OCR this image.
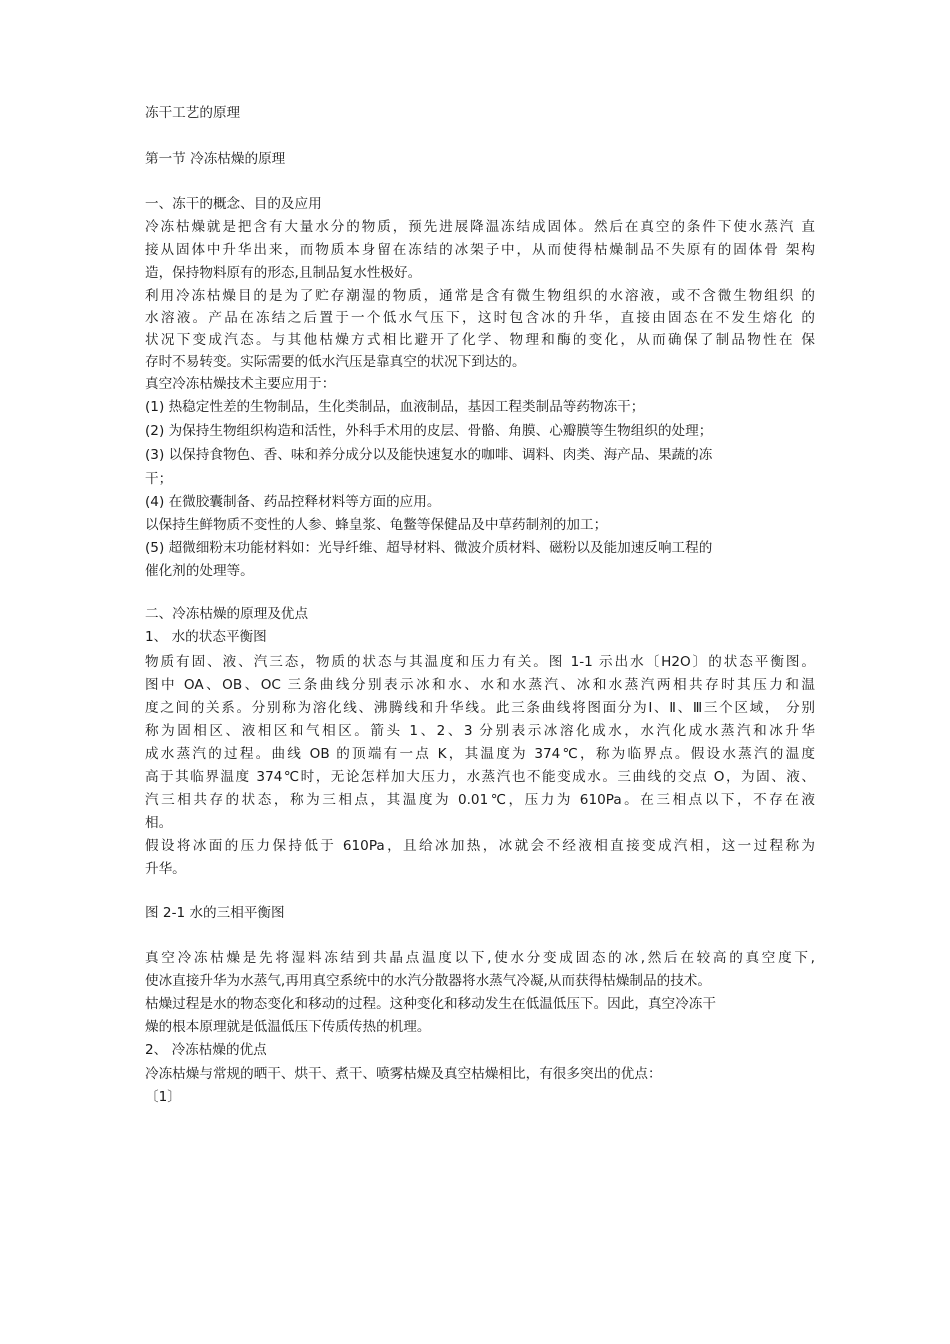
冻干工艺的原理

第一节 冷冻枯燥的原理

一、冻干的概念、目的及应用

冷冻枯燥就是把含有大量水分的物质，预先进展降温冻结成固体。然后在真空的条件下使水蒸汽 直

接从固体中升华出来，而物质本身留在冻结的冰架子中，从而使得枯燥制品不失原有的固体骨 架构

造，保持物料原有的形态,且制品复水性极好。

利用冷冻枯燥目的是为了贮存潮湿的物质，通常是含有微生物组织的水溶液，或不含微生物组织 的

水溶液。产品在冻结之后置于一个低水气压下，这时包含冰的升华，直接由固态在不发生熔化 的

状况下变成汽态。与其他枯燥方式相比避开了化学、物理和酶的变化，从而确保了制品物性在 保

存时不易转变。实际需要的低水汽压是靠真空的状况下到达的。

真空冷冻枯燥技术主要应用于：

(1) 热稳定性差的生物制品，生化类制品，血液制品，基因工程类制品等药物冻干；

(2) 为保持生物组织构造和活性，外科手术用的皮层、骨骼、角膜、心瓣膜等生物组织的处理；

(3) 以保持食物色、香、味和养分成分以及能快速复水的咖啡、调料、肉类、海产品、果蔬的冻

干；

(4) 在微胶囊制备、药品控释材料等方面的应用。

以保持生鲜物质不变性的人参、蜂皇浆、龟鳖等保健品及中草药制剂的加工；

(5) 超微细粉末功能材料如：光导纤维、超导材料、微波介质材料、磁粉以及能加速反响工程的

催化剂的处理等。

二、冷冻枯燥的原理及优点

1、 水的状态平衡图

物质有固、液、汽三态，物质的状态与其温度和压力有关。图 1-1 示出水〔H2O〕的状态平衡图。

图中 OA、OB、OC 三条曲线分别表示冰和水、水和水蒸汽、冰和水蒸汽两相共存时其压力和温

度之间的关系。分别称为溶化线、沸腾线和升华线。此三条曲线将图面分为Ⅰ、Ⅱ、Ⅲ三个区域， 分别

称为固相区、液相区和气相区。箭头 1、2、3 分别表示冰溶化成水，水汽化成水蒸汽和冰升华

成水蒸汽的过程。曲线 OB 的顶端有一点 K，其温度为 374℃，称为临界点。假设水蒸汽的温度

高于其临界温度 374℃时，无论怎样加大压力，水蒸汽也不能变成水。三曲线的交点 O，为固、液、

汽三相共存的状态，称为三相点，其温度为 0.01℃，压力为 610Pa。在三相点以下，不存在液

相。

假设将冰面的压力保持低于 610Pa，且给冰加热，冰就会不经液相直接变成汽相，这一过程称为

升华。

图 2-1 水的三相平衡图

真空冷冻枯燥是先将湿料冻结到共晶点温度以下,使水分变成固态的冰,然后在较高的真空度下,

使冰直接升华为水蒸气,再用真空系统中的水汽分散器将水蒸气冷凝,从而获得枯燥制品的技术。

枯燥过程是水的物态变化和移动的过程。这种变化和移动发生在低温低压下。因此，真空冷冻干

燥的根本原理就是低温低压下传质传热的机理。

2、 冷冻枯燥的优点

冷冻枯燥与常规的晒干、烘干、煮干、喷雾枯燥及真空枯燥相比，有很多突出的优点：

〔1〕
